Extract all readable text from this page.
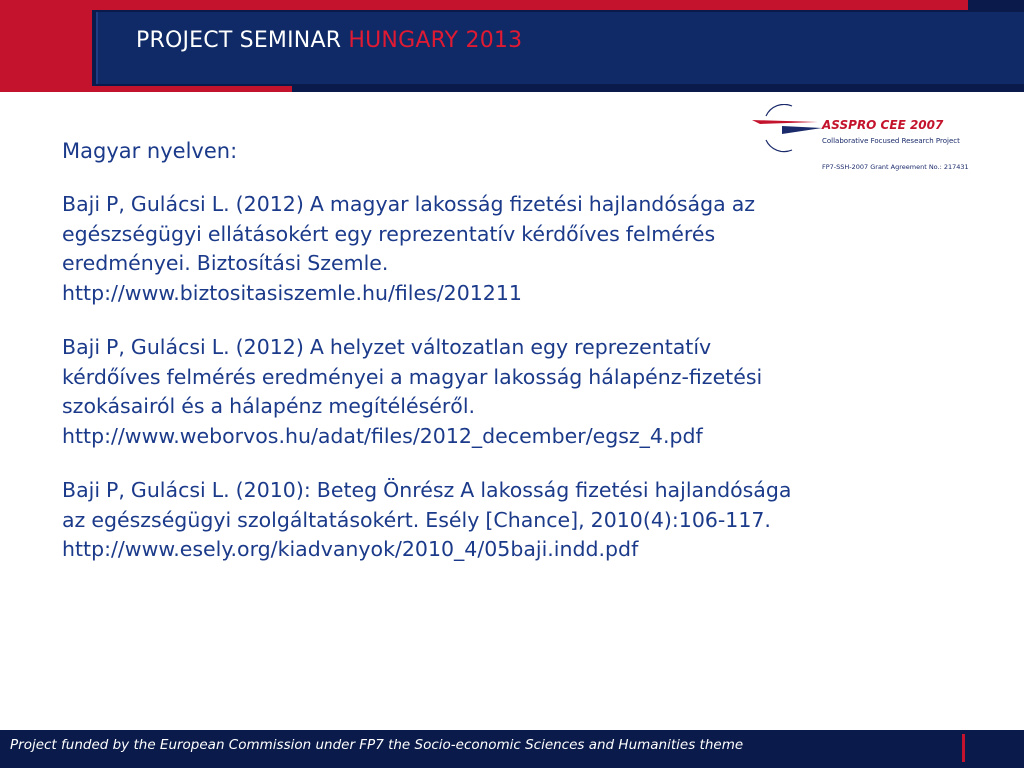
PROJECT SEMINAR HUNGARY 2013
ASSPRO CEE 2007
Collaborative Focused Research Project
FP7-SSH-2007 Grant Agreement No.: 217431
Magyar nyelven:
Baji P, Gulácsi L. (2012) A magyar lakosság fizetési hajlandósága az
egészségügyi ellátásokért egy reprezentatív kérdőíves felmérés
eredményei. Biztosítási Szemle.
http://www.biztositasiszemle.hu/files/201211
Baji P, Gulácsi L. (2012) A helyzet változatlan egy reprezentatív
kérdőíves felmérés eredményei a magyar lakosság hálapénz-fizetési
szokásairól és a hálapénz megítéléséről.
http://www.weborvos.hu/adat/files/2012_december/egsz_4.pdf
Baji P, Gulácsi L. (2010): Beteg Önrész A lakosság fizetési hajlandósága
az egészségügyi szolgáltatásokért. Esély [Chance], 2010(4):106-117.
http://www.esely.org/kiadvanyok/2010_4/05baji.indd.pdf
Project funded by the European Commission under FP7 the Socio-economic Sciences and Humanities theme
